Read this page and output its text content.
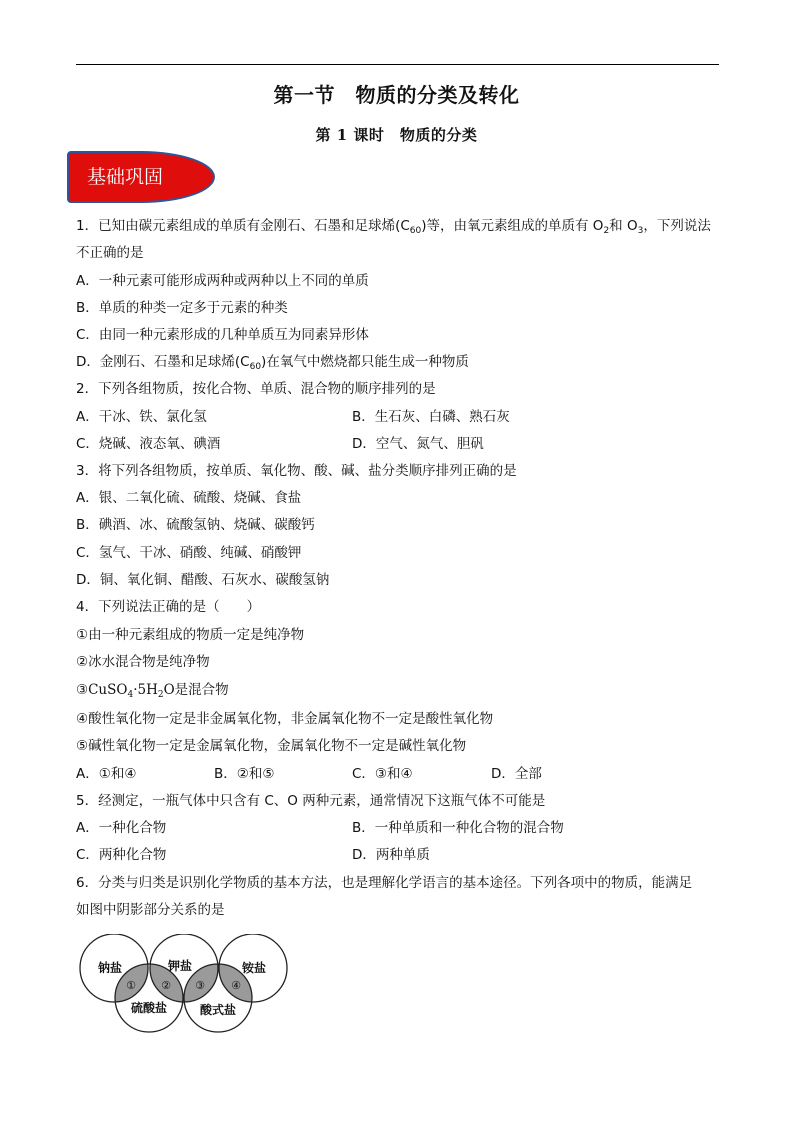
第一节　物质的分类及转化
第 1 课时　物质的分类
基础巩固
1．已知由碳元素组成的单质有金刚石、石墨和足球烯$(C_{60})$等，由氧元素组成的单质有 $O_2$和 $O_3$，下列说法
不正确的是
A．一种元素可能形成两种或两种以上不同的单质
B．单质的种类一定多于元素的种类
C．由同一种元素形成的几种单质互为同素异形体
D．金刚石、石墨和足球烯$(C_{60})$在氧气中燃烧都只能生成一种物质
2．下列各组物质，按化合物、单质、混合物的顺序排列的是
A．干冰、铁、氯化氢	B．生石灰、白磷、熟石灰
C．烧碱、液态氧、碘酒	D．空气、氮气、胆矾
3．将下列各组物质，按单质、氧化物、酸、碱、盐分类顺序排列正确的是
A．银、二氧化硫、硫酸、烧碱、食盐
B．碘酒、冰、硫酸氢钠、烧碱、碳酸钙
C．氢气、干冰、硝酸、纯碱、硝酸钾
D．铜、氧化铜、醋酸、石灰水、碳酸氢钠
4．下列说法正确的是（　　）
①由一种元素组成的物质一定是纯净物
②冰水混合物是纯净物
$③CuSO_4\cdot 5H_2O$是混合物
④酸性氧化物一定是非金属氧化物，非金属氧化物不一定是酸性氧化物
⑤碱性氧化物一定是金属氧化物，金属氧化物不一定是碱性氧化物
A．①和④	B．②和⑤	C．③和④	D．全部
5．经测定，一瓶气体中只含有 C、O 两种元素，通常情况下这瓶气体不可能是
A．一种化合物	B．一种单质和一种化合物的混合物
C．两种化合物	D．两种单质
6．分类与归类是识别化学物质的基本方法，也是理解化学语言的基本途径。下列各项中的物质，能满足
如图中阴影部分关系的是
钠盐	钾盐	铵盐
硫酸盐	酸式盐
① ② ③ ④
